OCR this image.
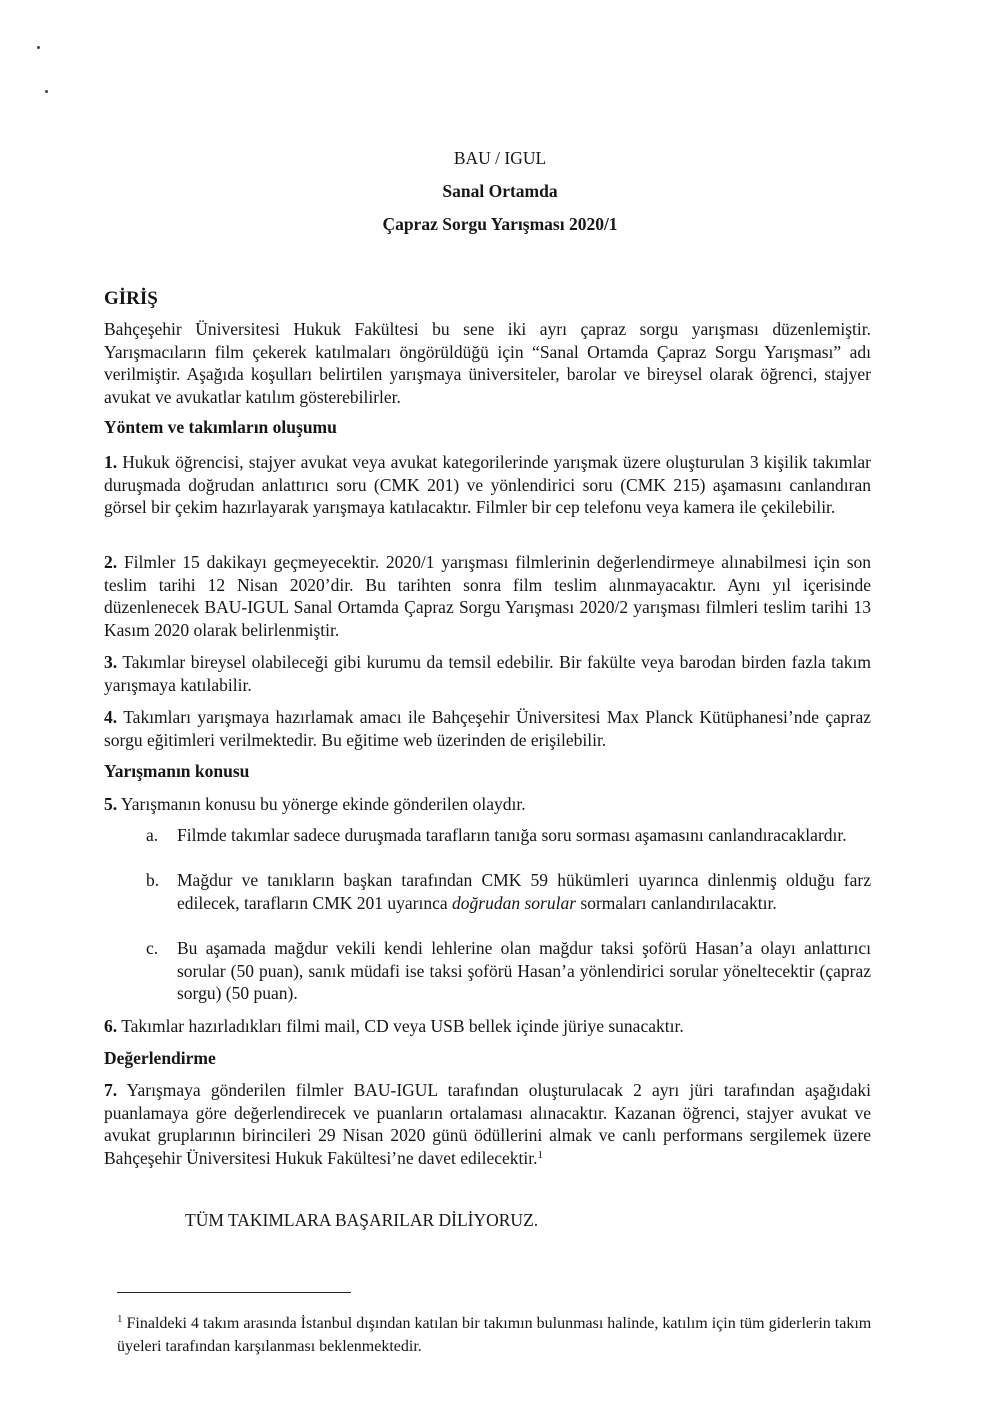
BAU / IGUL
Sanal Ortamda
Çapraz Sorgu Yarışması 2020/1
GİRİŞ
Bahçeşehir Üniversitesi Hukuk Fakültesi bu sene iki ayrı çapraz sorgu yarışması düzenlemiştir. Yarışmacıların film çekerek katılmaları öngörüldüğü için “Sanal Ortamda Çapraz Sorgu Yarışması” adı verilmiştir. Aşağıda koşulları belirtilen yarışmaya üniversiteler, barolar ve bireysel olarak öğrenci, stajyer avukat ve avukatlar katılım gösterebilirler.
Yöntem ve takımların oluşumu
1. Hukuk öğrencisi, stajyer avukat veya avukat kategorilerinde yarışmak üzere oluşturulan 3 kişilik takımlar duruşmada doğrudan anlattırıcı soru (CMK 201) ve yönlendirici soru (CMK 215) aşamasını canlandıran görsel bir çekim hazırlayarak yarışmaya katılacaktır. Filmler bir cep telefonu veya kamera ile çekilebilir.
2. Filmler 15 dakikayı geçmeyecektir. 2020/1 yarışması filmlerinin değerlendirmeye alınabilmesi için son teslim tarihi 12 Nisan 2020’dir. Bu tarihten sonra film teslim alınmayacaktır. Aynı yıl içerisinde düzenlenecek BAU-IGUL Sanal Ortamda Çapraz Sorgu Yarışması 2020/2 yarışması filmleri teslim tarihi 13 Kasım 2020 olarak belirlenmiştir.
3. Takımlar bireysel olabileceği gibi kurumu da temsil edebilir. Bir fakülte veya barodan birden fazla takım yarışmaya katılabilir.
4. Takımları yarışmaya hazırlamak amacı ile Bahçeşehir Üniversitesi Max Planck Kütüphanesi’nde çapraz sorgu eğitimleri verilmektedir. Bu eğitime web üzerinden de erişilebilir.
Yarışmanın konusu
5. Yarışmanın konusu bu yönerge ekinde gönderilen olaydır.
a. Filmde takımlar sadece duruşmada tarafların tanığa soru sorması aşamasını canlandıracaklardır.
b. Mağdur ve tanıkların başkan tarafından CMK 59 hükümleri uyarınca dinlenmiş olduğu farz edilecek, tarafların CMK 201 uyarınca doğrudan sorular sormaları canlandırılacaktır.
c. Bu aşamada mağdur vekili kendi lehlerine olan mağdur taksi şoförü Hasan’a olayı anlattırıcı sorular (50 puan), sanık müdafi ise taksi şoförü Hasan’a yönlendirici sorular yöneltecektir (çapraz sorgu) (50 puan).
6. Takımlar hazırladıkları filmi mail, CD veya USB bellek içinde jüriye sunacaktır.
Değerlendirme
7. Yarışmaya gönderilen filmler BAU-IGUL tarafından oluşturulacak 2 ayrı jüri tarafından aşağıdaki puanlamaya göre değerlendirecek ve puanların ortalaması alınacaktır. Kazanan öğrenci, stajyer avukat ve avukat gruplarının birincileri 29 Nisan 2020 günü ödüllerini almak ve canlı performans sergilemek üzere Bahçeşehir Üniversitesi Hukuk Fakültesi’ne davet edilecektir.$^1$
TÜM TAKIMLARA BAŞARILAR DİLİYORUZ.
$^1$ Finaldeki 4 takım arasında İstanbul dışından katılan bir takımın bulunması halinde, katılım için tüm giderlerin takım üyeleri tarafından karşılanması beklenmektedir.
